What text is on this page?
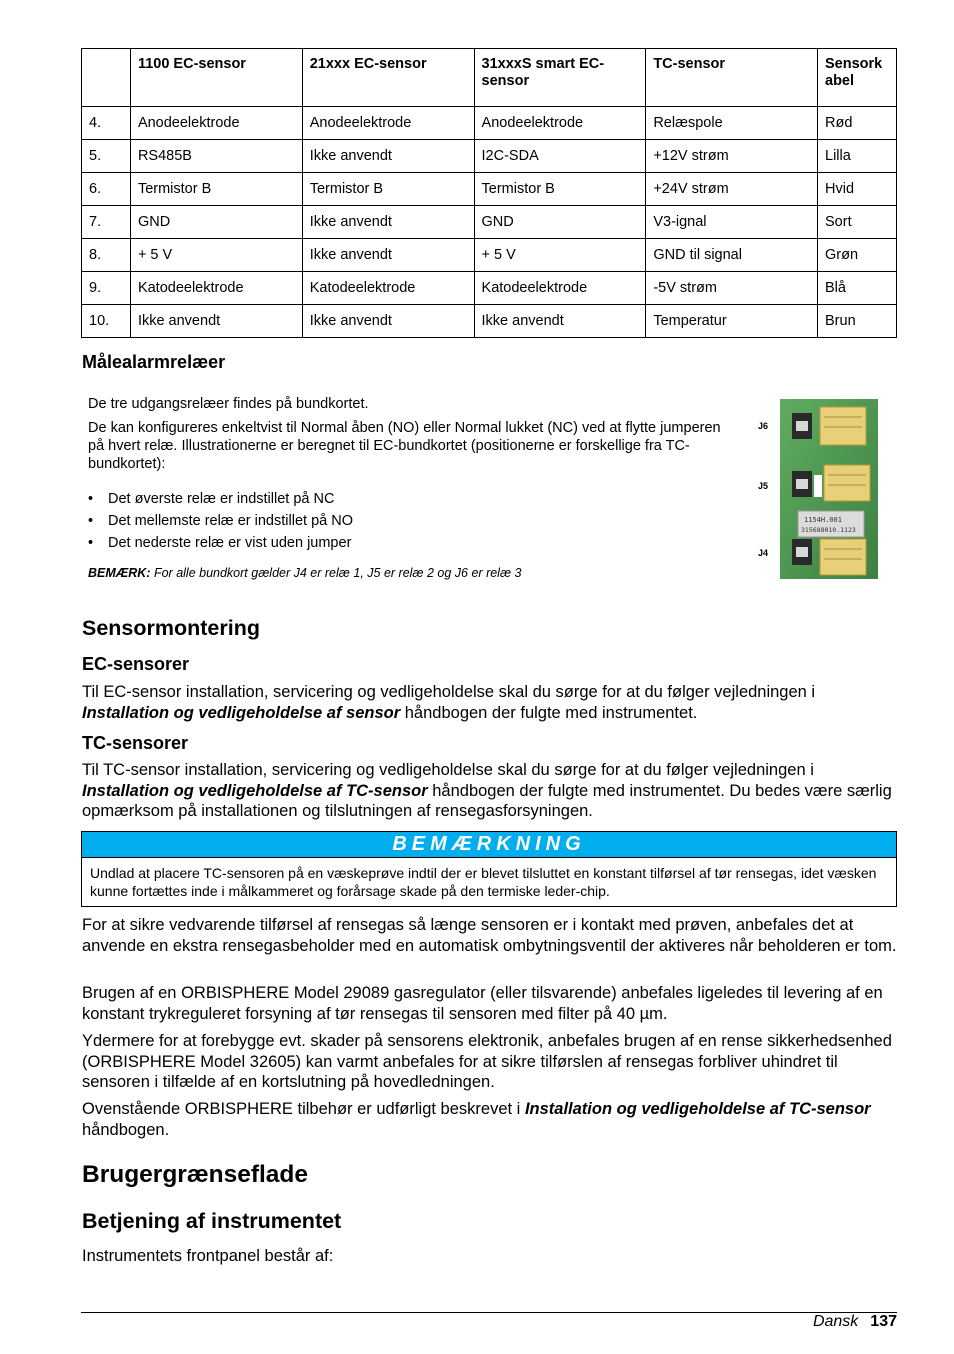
	1100 EC-sensor	21xxx EC-sensor	31xxxS smart EC- sensor	TC-sensor	Sensork abel
4.	Anodeelektrode	Anodeelektrode	Anodeelektrode	Relæspole	Rød
5.	RS485B	Ikke anvendt	I2C-SDA	+12V strøm	Lilla
6.	Termistor B	Termistor B	Termistor B	+24V strøm	Hvid
7.	GND	Ikke anvendt	GND	V3-ignal	Sort
8.	+ 5 V	Ikke anvendt	+ 5 V	GND til signal	Grøn
9.	Katodeelektrode	Katodeelektrode	Katodeelektrode	-5V strøm	Blå
10.	Ikke anvendt	Ikke anvendt	Ikke anvendt	Temperatur	Brun
Målealarmrelæer
De tre udgangsrelæer findes på bundkortet.
De kan konfigureres enkeltvist til Normal åben (NO) eller Normal lukket (NC) ved at flytte jumperen på hvert relæ. Illustrationerne er beregnet til EC-bundkortet (positionerne er forskellige fra TC-bundkortet):
• Det øverste relæ er indstillet på NC
• Det mellemste relæ er indstillet på NO
• Det nederste relæ er vist uden jumper
BEMÆRK: For alle bundkort gælder J4 er relæ 1, J5 er relæ 2 og J6 er relæ 3
1154H.001
315688010.1123
J6
J5
J4
Sensormontering
EC-sensorer
Til EC-sensor installation, servicering og vedligeholdelse skal du sørge for at du følger vejledningen i Installation og vedligeholdelse af sensor håndbogen der fulgte med instrumentet.
TC-sensorer
Til TC-sensor installation, servicering og vedligeholdelse skal du sørge for at du følger vejledningen i Installation og vedligeholdelse af TC-sensor håndbogen der fulgte med instrumentet. Du bedes være særlig opmærksom på installationen og tilslutningen af rensegasforsyningen.
BEMÆRKNING
Undlad at placere TC-sensoren på en væskeprøve indtil der er blevet tilsluttet en konstant tilførsel af tør rensegas, idet væsken kunne fortættes inde i målkammeret og forårsage skade på den termiske leder-chip.
For at sikre vedvarende tilførsel af rensegas så længe sensoren er i kontakt med prøven, anbefales det at anvende en ekstra rensegasbeholder med en automatisk ombytningsventil der aktiveres når beholderen er tom.
Brugen af en ORBISPHERE Model 29089 gasregulator (eller tilsvarende) anbefales ligeledes til levering af en konstant trykreguleret forsyning af tør rensegas til sensoren med filter på 40 µm.
Ydermere for at forebygge evt. skader på sensorens elektronik, anbefales brugen af en rense sikkerhedsenhed (ORBISPHERE Model 32605) kan varmt anbefales for at sikre tilførslen af rensegas forbliver uhindret til sensoren i tilfælde af en kortslutning på hovedledningen.
Ovenstående ORBISPHERE tilbehør er udførligt beskrevet i Installation og vedligeholdelse af TC-sensor håndbogen.
Brugergrænseflade
Betjening af instrumentet
Instrumentets frontpanel består af:
Dansk 137
